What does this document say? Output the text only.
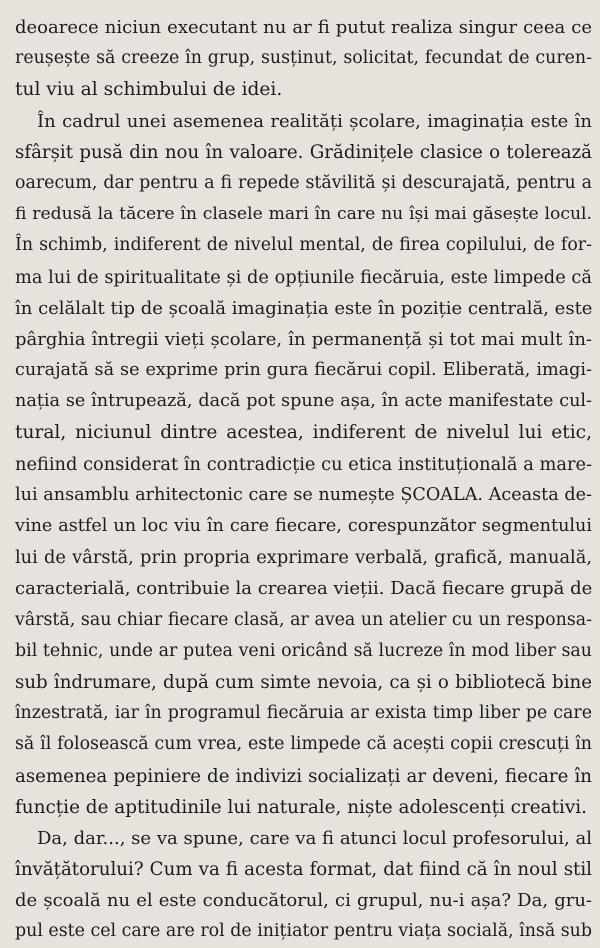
deoarece niciun executant nu ar fi putut realiza singur ceea ce
reușește să creeze în grup, susținut, solicitat, fecundat de curen-
tul viu al schimbului de idei.
În cadrul unei asemenea realități școlare, imaginația este în
sfârșit pusă din nou în valoare. Grădinițele clasice o tolerează
oarecum, dar pentru a fi repede stăvilită și descurajată, pentru a
fi redusă la tăcere în clasele mari în care nu își mai găsește locul.
În schimb, indiferent de nivelul mental, de firea copilului, de for-
ma lui de spiritualitate și de opțiunile fiecăruia, este limpede că
în celălalt tip de școală imaginația este în poziție centrală, este
pârghia întregii vieți școlare, în permanență și tot mai mult în-
curajată să se exprime prin gura fiecărui copil. Eliberată, imagi-
nația se întrupează, dacă pot spune așa, în acte manifestate cul-
tural, niciunul dintre acestea, indiferent de nivelul lui etic,
nefiind considerat în contradicție cu etica instituțională a mare-
lui ansamblu arhitectonic care se numește ȘCOALA. Aceasta de-
vine astfel un loc viu în care fiecare, corespunzător segmentului
lui de vârstă, prin propria exprimare verbală, grafică, manuală,
caracterială, contribuie la crearea vieții. Dacă fiecare grupă de
vârstă, sau chiar fiecare clasă, ar avea un atelier cu un responsa-
bil tehnic, unde ar putea veni oricând să lucreze în mod liber sau
sub îndrumare, după cum simte nevoia, ca și o bibliotecă bine
înzestrată, iar în programul fiecăruia ar exista timp liber pe care
să îl folosească cum vrea, este limpede că acești copii crescuți în
asemenea pepiniere de indivizi socializați ar deveni, fiecare în
funcție de aptitudinile lui naturale, niște adolescenți creativi.
Da, dar..., se va spune, care va fi atunci locul profesorului, al
învățătorului? Cum va fi acesta format, dat fiind că în noul stil
de școală nu el este conducătorul, ci grupul, nu-i așa? Da, gru-
pul este cel care are rol de inițiator pentru viața socială, însă sub
